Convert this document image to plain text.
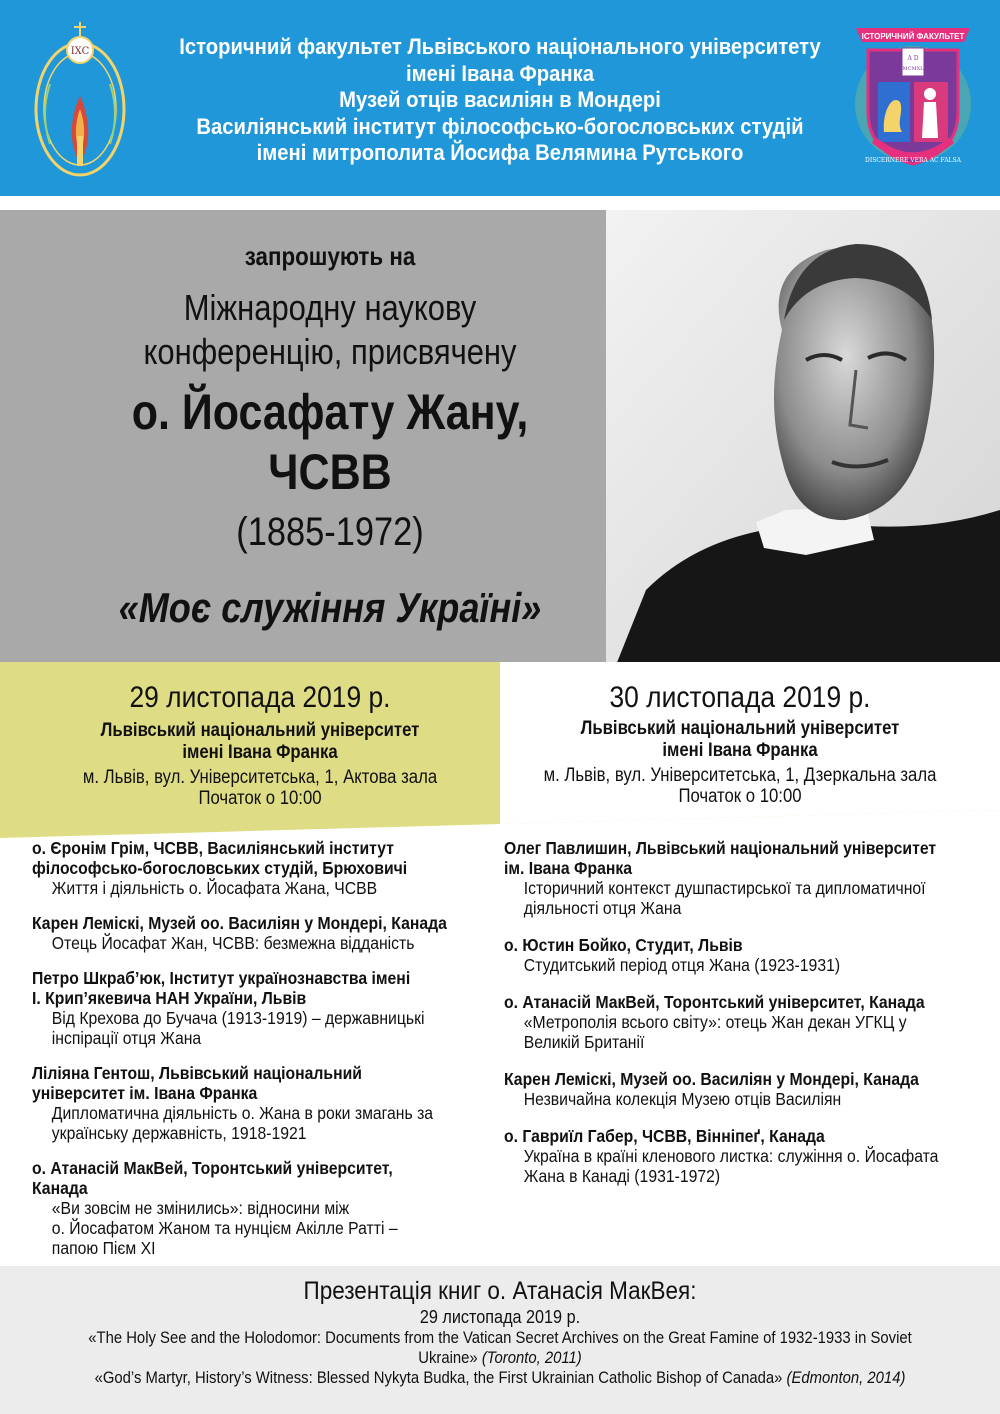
IXC	Історичний факультет Львівського національного університету
імені Івана Франка
Музей отців василіян в Мондері
Василіянський інститут філософсько-богословських студій
імені митрополита Йосифа Велямина Рутського
ІСТОРИЧНИЙ ФАКУЛЬТЕТ
A D
MCMXL
DISCERNERE VERA AC FALSA
запрошують на
Міжнародну наукову
конференцію, присвячену
о. Йосафату Жану,
ЧСВВ
(1885-1972)
«Моє служіння Україні»
29 листопада 2019 р.
Львівський національний університет
імені Івана Франка
м. Львів, вул. Університетська, 1, Актова зала
Початок о 10:00
30 листопада 2019 р.
Львівський національний університет
імені Івана Франка
м. Львів, вул. Університетська, 1, Дзеркальна зала
Початок о 10:00
о. Єронім Грім, ЧСВВ, Василіянський інститут
філософсько-богословських студій, Брюховичі
Життя і діяльність о. Йосафата Жана, ЧСВВ
Карен Леміскі, Музей оо. Василіян у Мондері, Канада
Отець Йосафат Жан, ЧСВВ: безмежна відданість
Петро Шкраб’юк, Інститут українознавства імені
І. Крип’якевича НАН України, Львів
Від Крехова до Бучача (1913-1919) – державницькі
інспірації отця Жана
Ліліяна Гентош, Львівський національний
університет ім. Івана Франка
Дипломатична діяльність о. Жана в роки змагань за
українську державність, 1918-1921
о. Атанасій МакВей, Торонтський університет,
Канада
«Ви зовсім не змінились»: відносини між
о. Йосафатом Жаном та нунцієм Акілле Ратті –
папою Пієм XI
Олег Павлишин, Львівський національний університет
ім. Івана Франка
Історичний контекст душпастирської та дипломатичної
діяльності отця Жана
о. Юстин Бойко, Студит, Львів
Студитський період отця Жана (1923-1931)
о. Атанасій МакВей, Торонтський університет, Канада
«Метрополія всього світу»: отець Жан декан УГКЦ у
Великій Британії
Карен Леміскі, Музей оо. Василіян у Мондері, Канада
Незвичайна колекція Музею отців Василіян
о. Гавриїл Габер, ЧСВВ, Вінніпеґ, Канада
Україна в країні кленового листка: служіння о. Йосафата
Жана в Канаді (1931-1972)
Презентація книг о. Атанасія МакВея:
29 листопада 2019 р.
«The Holy See and the Holodomor: Documents from the Vatican Secret Archives on the Great Famine of 1932-1933 in Soviet
Ukraine» (Toronto, 2011)
«God’s Martyr, History’s Witness: Blessed Nykyta Budka, the First Ukrainian Catholic Bishop of Canada» (Edmonton, 2014)
